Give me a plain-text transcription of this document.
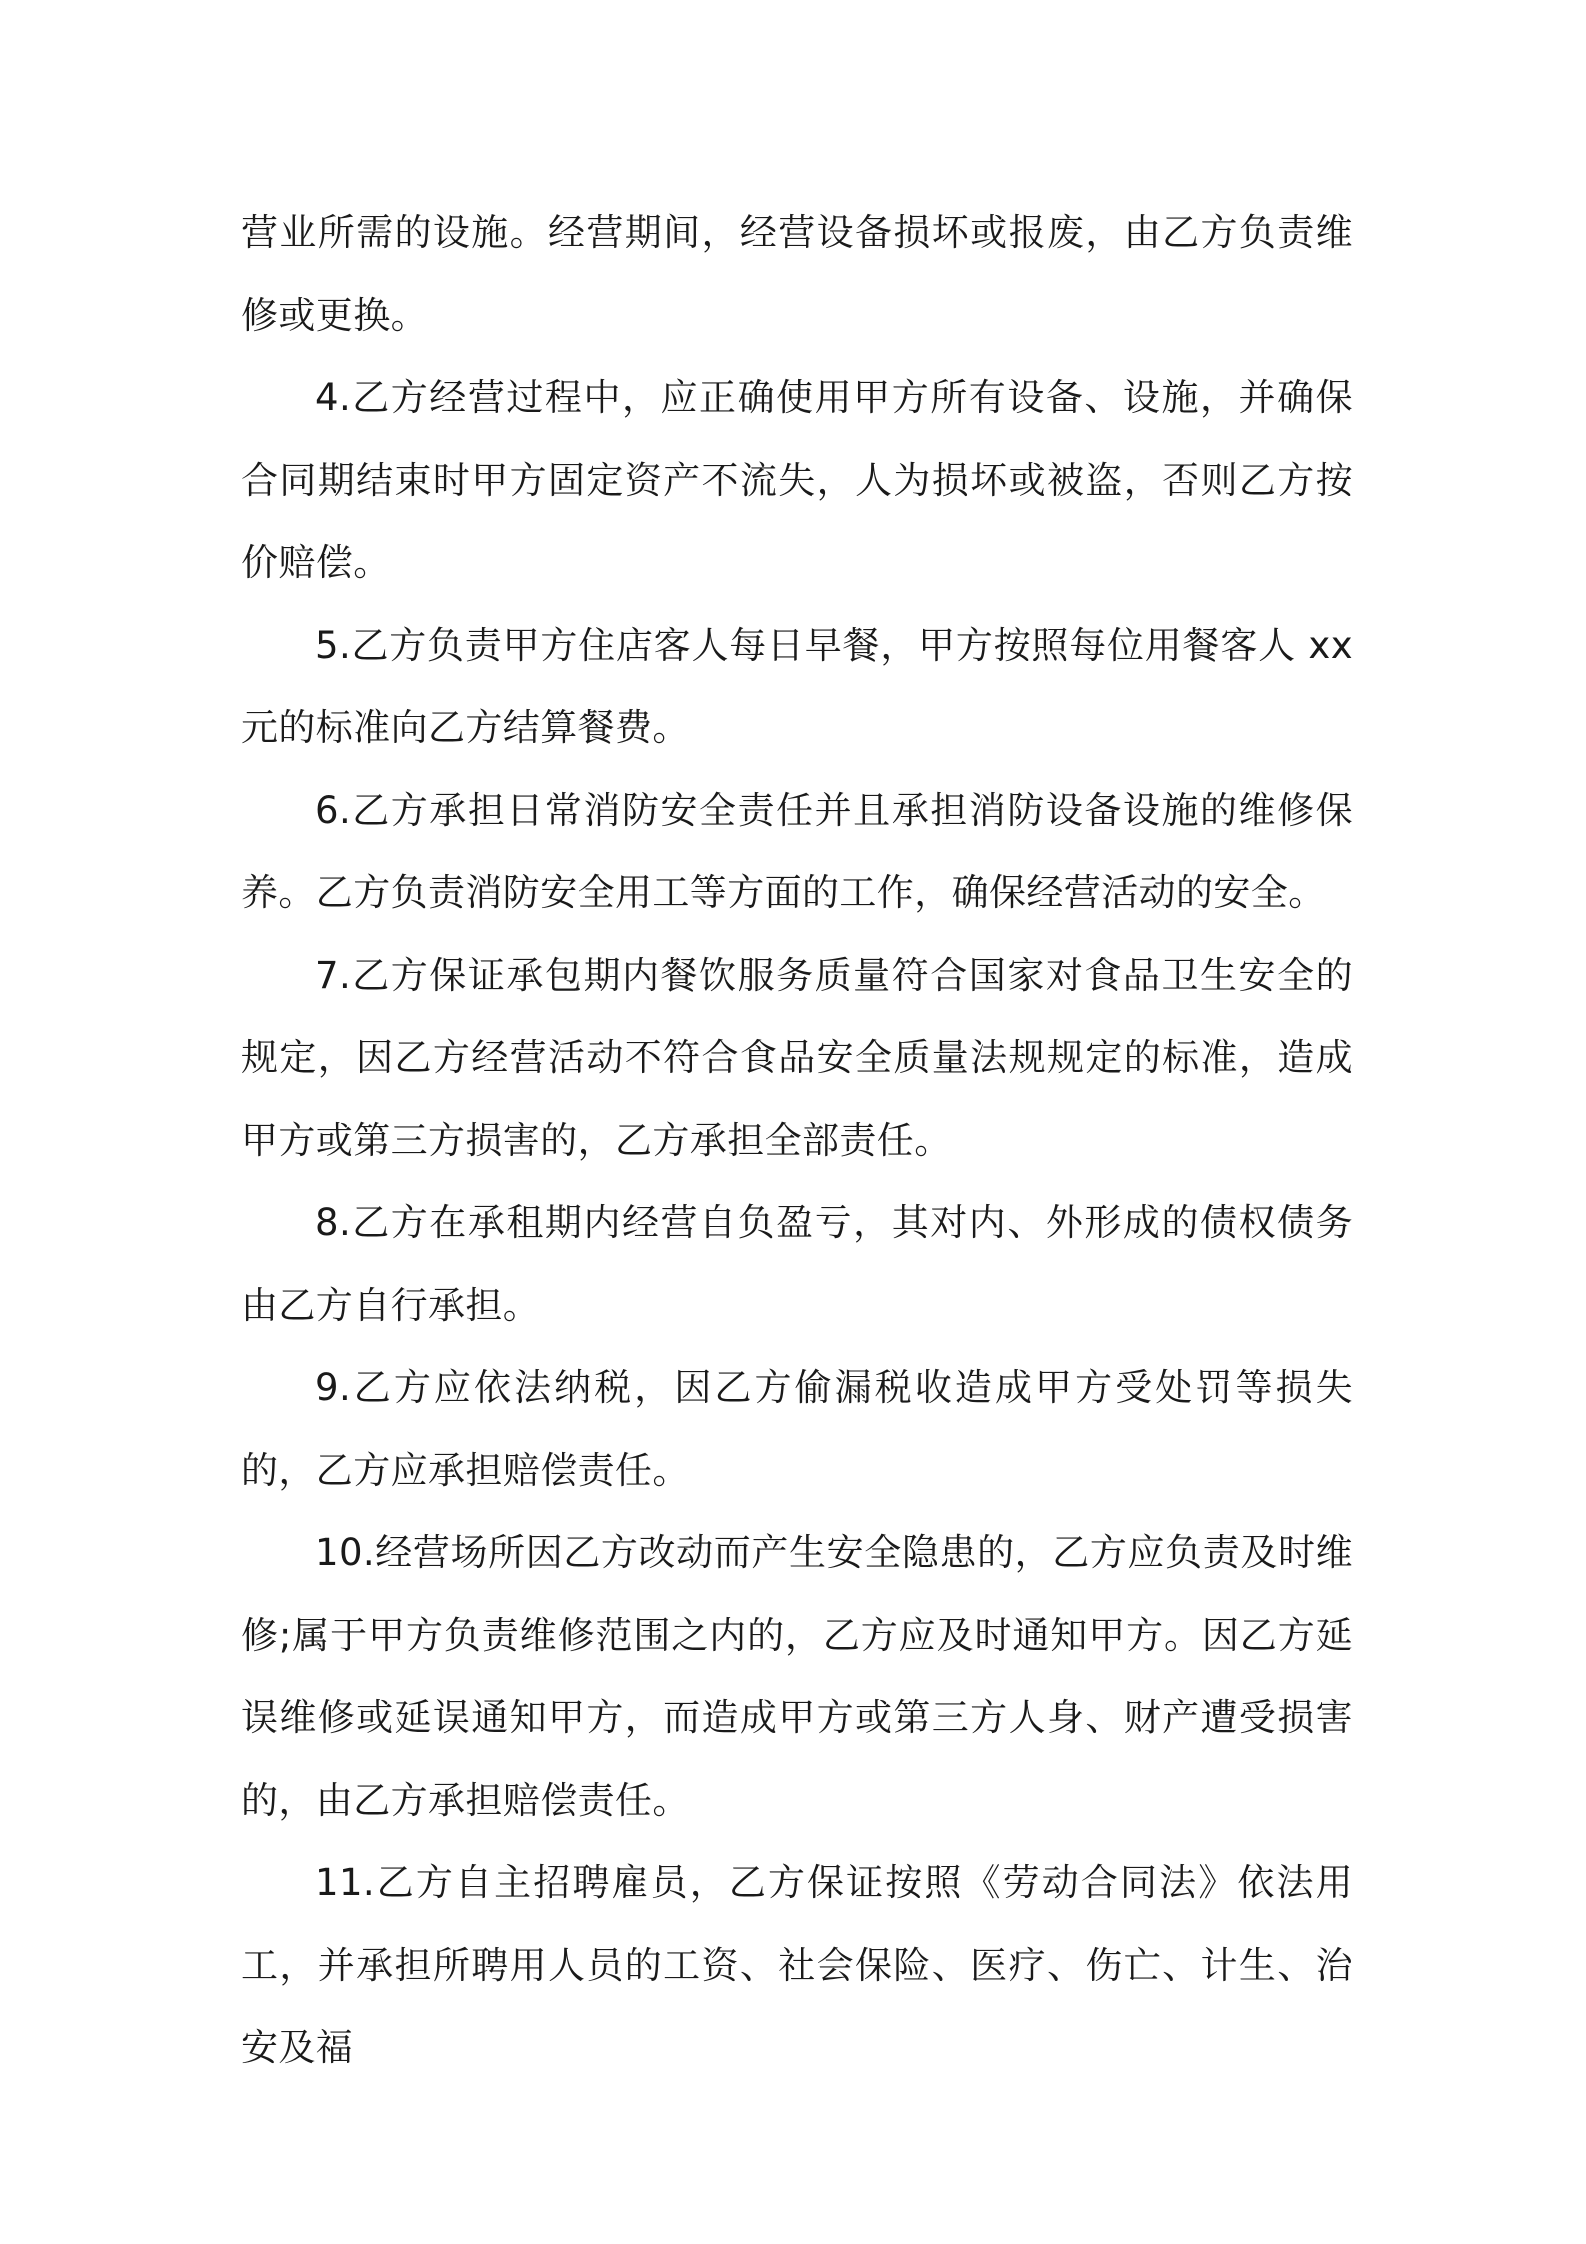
营业所需的设施。经营期间，经营设备损坏或报废，由乙方负责维修或更换。

4.乙方经营过程中，应正确使用甲方所有设备、设施，并确保合同期结束时甲方固定资产不流失，人为损坏或被盗，否则乙方按价赔偿。

5.乙方负责甲方住店客人每日早餐，甲方按照每位用餐客人 xx 元的标准向乙方结算餐费。

6.乙方承担日常消防安全责任并且承担消防设备设施的维修保养。乙方负责消防安全用工等方面的工作，确保经营活动的安全。

7.乙方保证承包期内餐饮服务质量符合国家对食品卫生安全的规定，因乙方经营活动不符合食品安全质量法规规定的标准，造成甲方或第三方损害的，乙方承担全部责任。

8.乙方在承租期内经营自负盈亏，其对内、外形成的债权债务由乙方自行承担。

9.乙方应依法纳税，因乙方偷漏税收造成甲方受处罚等损失的，乙方应承担赔偿责任。

10.经营场所因乙方改动而产生安全隐患的，乙方应负责及时维修;属于甲方负责维修范围之内的，乙方应及时通知甲方。因乙方延误维修或延误通知甲方，而造成甲方或第三方人身、财产遭受损害的，由乙方承担赔偿责任。

11.乙方自主招聘雇员，乙方保证按照《劳动合同法》依法用工，并承担所聘用人员的工资、社会保险、医疗、伤亡、计生、治安及福
